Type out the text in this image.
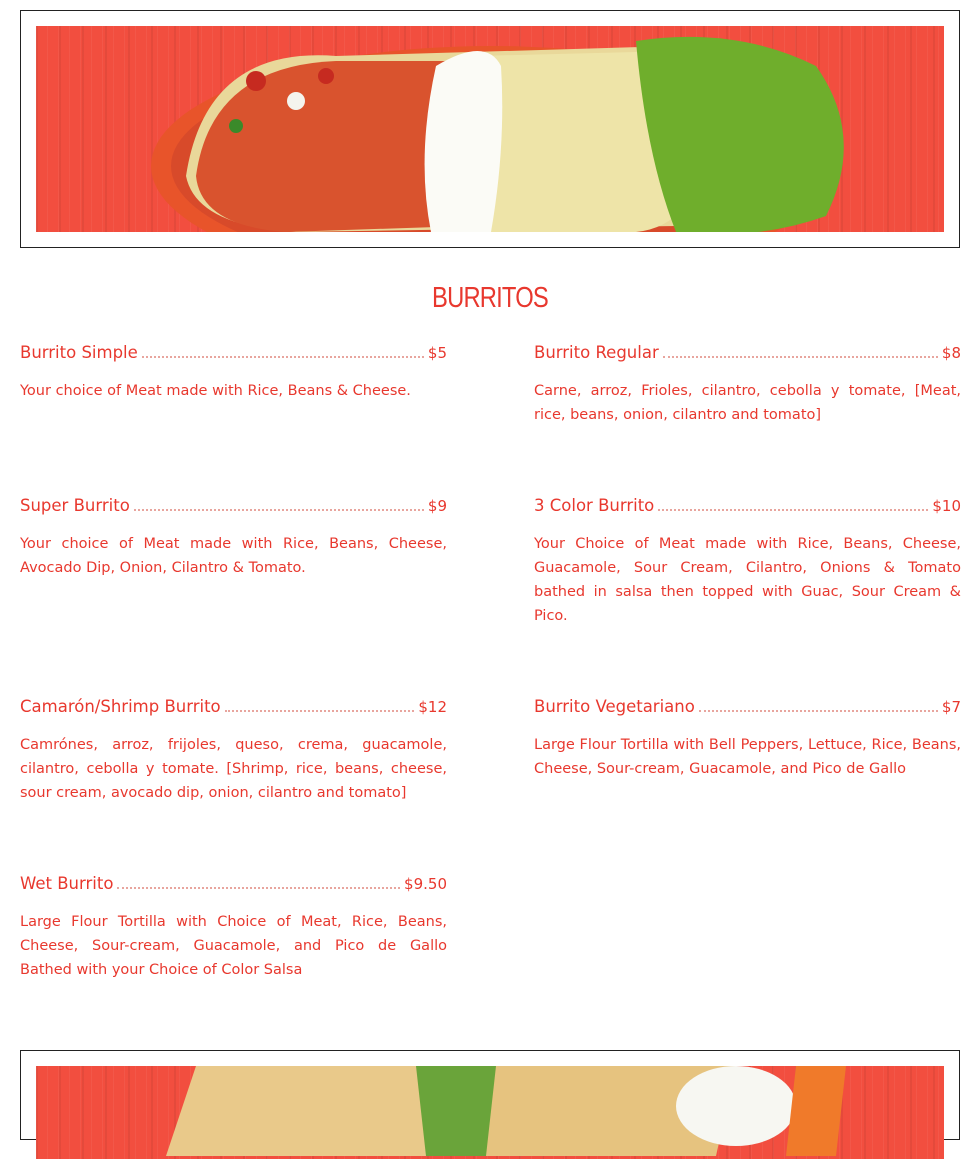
BURRITOS
Burrito Simple	$5
Your choice of Meat made with Rice, Beans & Cheese.
Burrito Regular	$8
Carne, arroz, Frioles, cilantro, cebolla y tomate, [Meat, rice, beans, onion, cilantro and tomato]
Super Burrito	$9
Your choice of Meat made with Rice, Beans, Cheese, Avocado Dip, Onion, Cilantro & Tomato.
3 Color Burrito	$10
Your Choice of Meat made with Rice, Beans, Cheese, Guacamole, Sour Cream, Cilantro, Onions & Tomato bathed in salsa then topped with Guac, Sour Cream & Pico.
Camarón/Shrimp Burrito	$12
Camrónes, arroz, frijoles, queso, crema, guacamole, cilantro, cebolla y tomate. [Shrimp, rice, beans, cheese, sour cream, avocado dip, onion, cilantro and tomato]
Burrito Vegetariano	$7
Large Flour Tortilla with Bell Peppers, Lettuce, Rice, Beans, Cheese, Sour-cream, Guacamole, and Pico de Gallo
Wet Burrito	$9.50
Large Flour Tortilla with Choice of Meat, Rice, Beans, Cheese, Sour-cream, Guacamole, and Pico de Gallo Bathed with your Choice of Color Salsa
